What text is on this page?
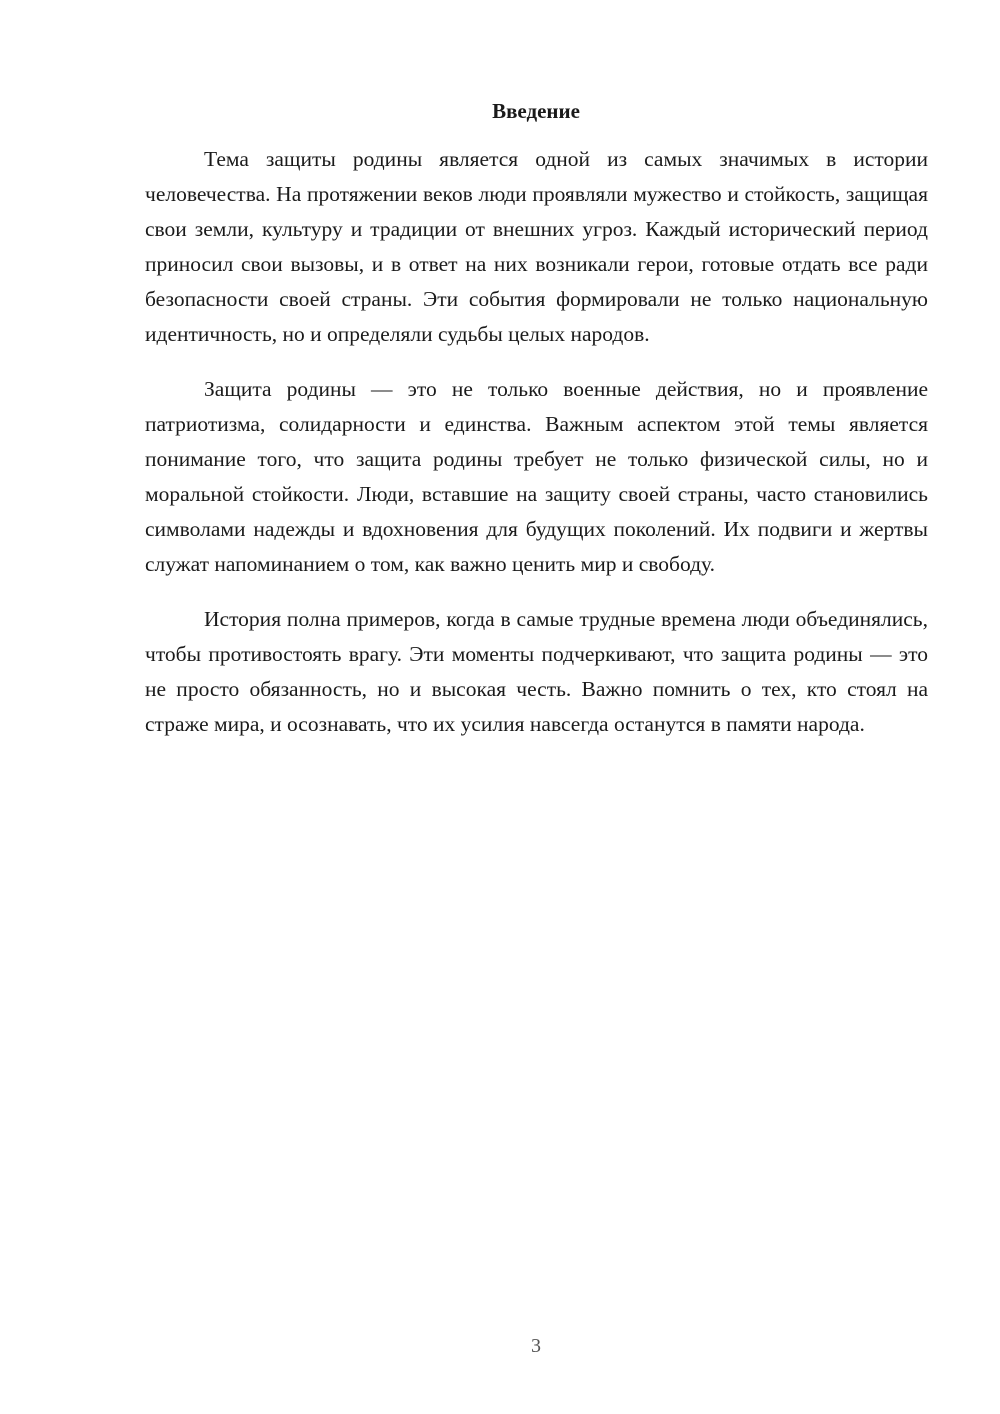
Введение

Тема защиты родины является одной из самых значимых в истории человечества. На протяжении веков люди проявляли мужество и стойкость, защищая свои земли, культуру и традиции от внешних угроз. Каждый исторический период приносил свои вызовы, и в ответ на них возникали герои, готовые отдать все ради безопасности своей страны. Эти события формировали не только национальную идентичность, но и определяли судьбы целых народов.

Защита родины — это не только военные действия, но и проявление патриотизма, солидарности и единства. Важным аспектом этой темы является понимание того, что защита родины требует не только физической силы, но и моральной стойкости. Люди, вставшие на защиту своей страны, часто становились символами надежды и вдохновения для будущих поколений. Их подвиги и жертвы служат напоминанием о том, как важно ценить мир и свободу.

История полна примеров, когда в самые трудные времена люди объединялись, чтобы противостоять врагу. Эти моменты подчеркивают, что защита родины — это не просто обязанность, но и высокая честь. Важно помнить о тех, кто стоял на страже мира, и осознавать, что их усилия навсегда останутся в памяти народа.

3
